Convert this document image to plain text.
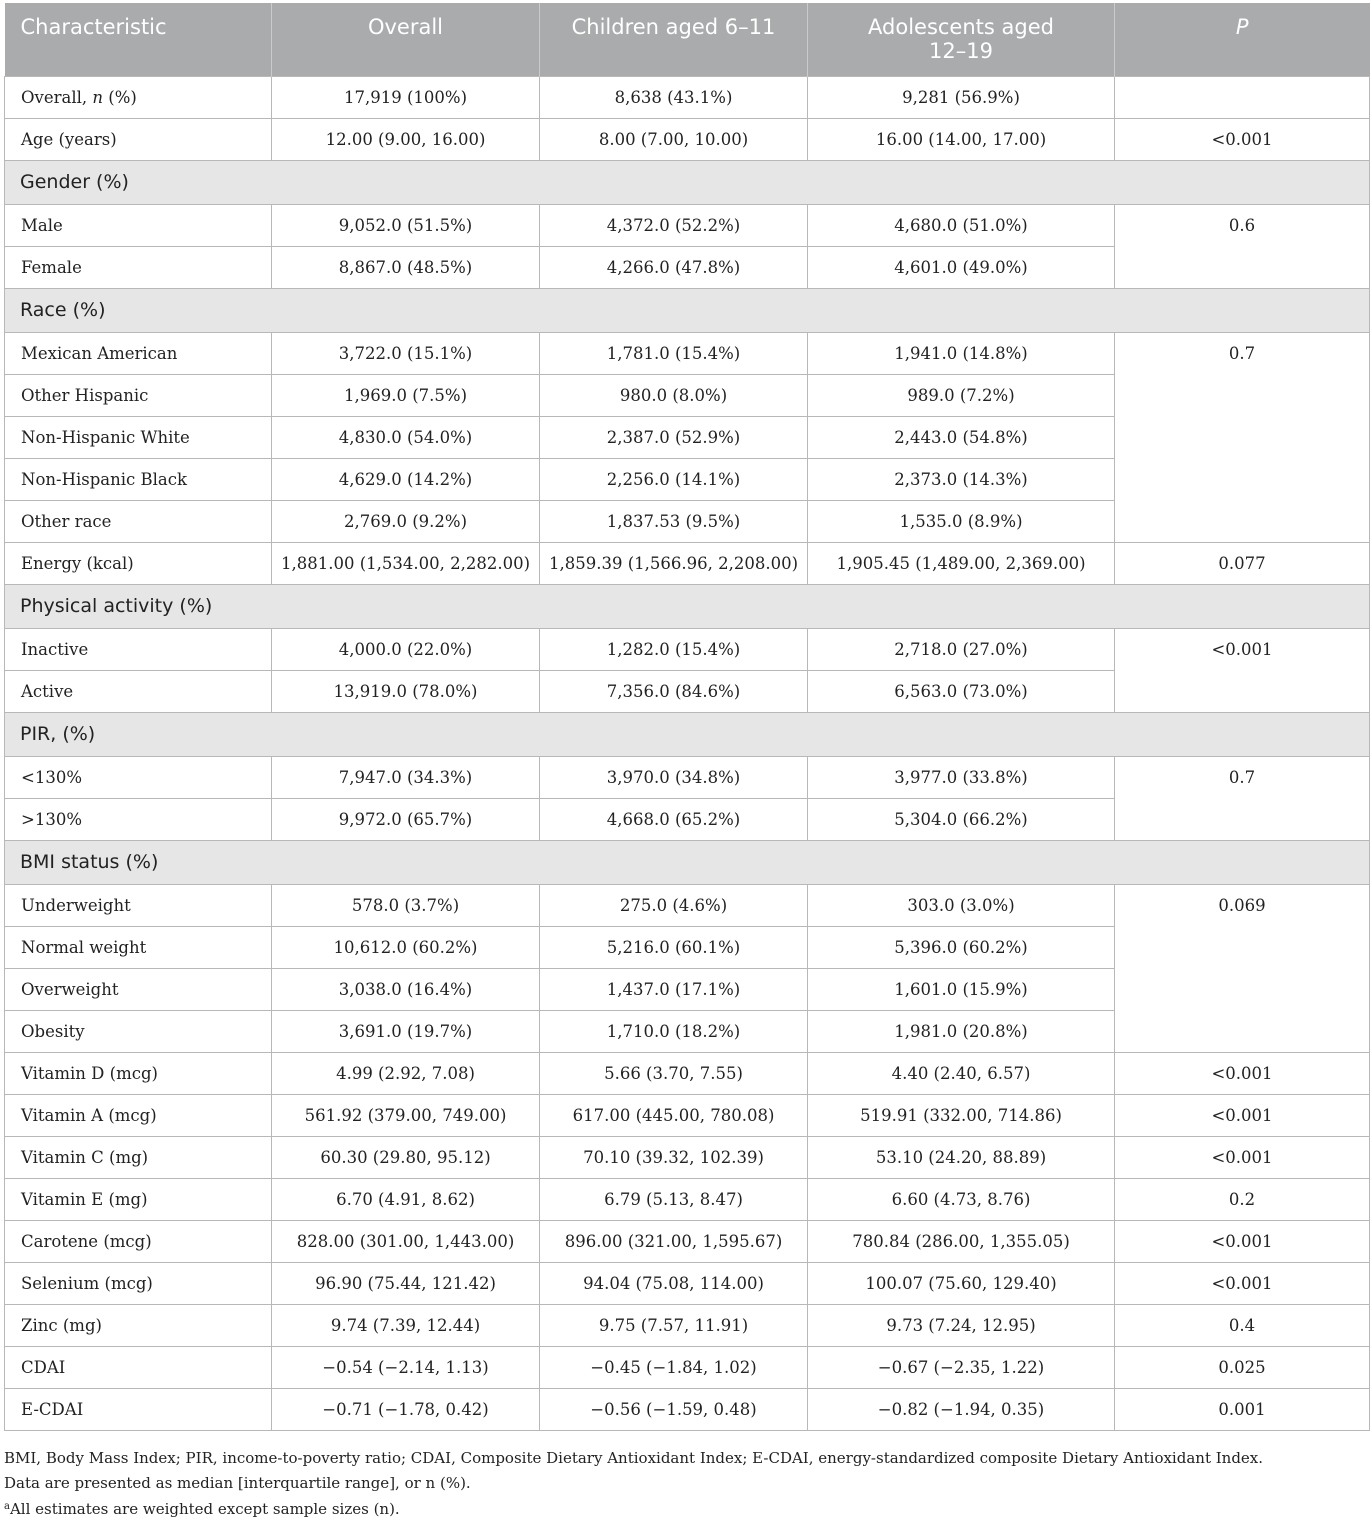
Characteristic	Overall	Children aged 6–11	Adolescents aged 12–19	P
Overall, n (%)	17,919 (100%)	8,638 (43.1%)	9,281 (56.9%)	
Age (years)	12.00 (9.00, 16.00)	8.00 (7.00, 10.00)	16.00 (14.00, 17.00)	<0.001
Gender (%)				
Male	9,052.0 (51.5%)	4,372.0 (52.2%)	4,680.0 (51.0%)	0.6
Female	8,867.0 (48.5%)	4,266.0 (47.8%)	4,601.0 (49.0%)	
Race (%)				
Mexican American	3,722.0 (15.1%)	1,781.0 (15.4%)	1,941.0 (14.8%)	0.7
Other Hispanic	1,969.0 (7.5%)	980.0 (8.0%)	989.0 (7.2%)	
Non-Hispanic White	4,830.0 (54.0%)	2,387.0 (52.9%)	2,443.0 (54.8%)	
Non-Hispanic Black	4,629.0 (14.2%)	2,256.0 (14.1%)	2,373.0 (14.3%)	
Other race	2,769.0 (9.2%)	1,837.53 (9.5%)	1,535.0 (8.9%)	
Energy (kcal)	1,881.00 (1,534.00, 2,282.00)	1,859.39 (1,566.96, 2,208.00)	1,905.45 (1,489.00, 2,369.00)	0.077
Physical activity (%)				
Inactive	4,000.0 (22.0%)	1,282.0 (15.4%)	2,718.0 (27.0%)	<0.001
Active	13,919.0 (78.0%)	7,356.0 (84.6%)	6,563.0 (73.0%)	
PIR, (%)				
<130%	7,947.0 (34.3%)	3,970.0 (34.8%)	3,977.0 (33.8%)	0.7
>130%	9,972.0 (65.7%)	4,668.0 (65.2%)	5,304.0 (66.2%)	
BMI status (%)				
Underweight	578.0 (3.7%)	275.0 (4.6%)	303.0 (3.0%)	0.069
Normal weight	10,612.0 (60.2%)	5,216.0 (60.1%)	5,396.0 (60.2%)	
Overweight	3,038.0 (16.4%)	1,437.0 (17.1%)	1,601.0 (15.9%)	
Obesity	3,691.0 (19.7%)	1,710.0 (18.2%)	1,981.0 (20.8%)	
Vitamin D (mcg)	4.99 (2.92, 7.08)	5.66 (3.70, 7.55)	4.40 (2.40, 6.57)	<0.001
Vitamin A (mcg)	561.92 (379.00, 749.00)	617.00 (445.00, 780.08)	519.91 (332.00, 714.86)	<0.001
Vitamin C (mg)	60.30 (29.80, 95.12)	70.10 (39.32, 102.39)	53.10 (24.20, 88.89)	<0.001
Vitamin E (mg)	6.70 (4.91, 8.62)	6.79 (5.13, 8.47)	6.60 (4.73, 8.76)	0.2
Carotene (mcg)	828.00 (301.00, 1,443.00)	896.00 (321.00, 1,595.67)	780.84 (286.00, 1,355.05)	<0.001
Selenium (mcg)	96.90 (75.44, 121.42)	94.04 (75.08, 114.00)	100.07 (75.60, 129.40)	<0.001
Zinc (mg)	9.74 (7.39, 12.44)	9.75 (7.57, 11.91)	9.73 (7.24, 12.95)	0.4
CDAI	−0.54 (−2.14, 1.13)	−0.45 (−1.84, 1.02)	−0.67 (−2.35, 1.22)	0.025
E-CDAI	−0.71 (−1.78, 0.42)	−0.56 (−1.59, 0.48)	−0.82 (−1.94, 0.35)	0.001
BMI, Body Mass Index; PIR, income-to-poverty ratio; CDAI, Composite Dietary Antioxidant Index; E-CDAI, energy-standardized composite Dietary Antioxidant Index.
Data are presented as median [interquartile range], or n (%).
$^a$All estimates are weighted except sample sizes (n).
